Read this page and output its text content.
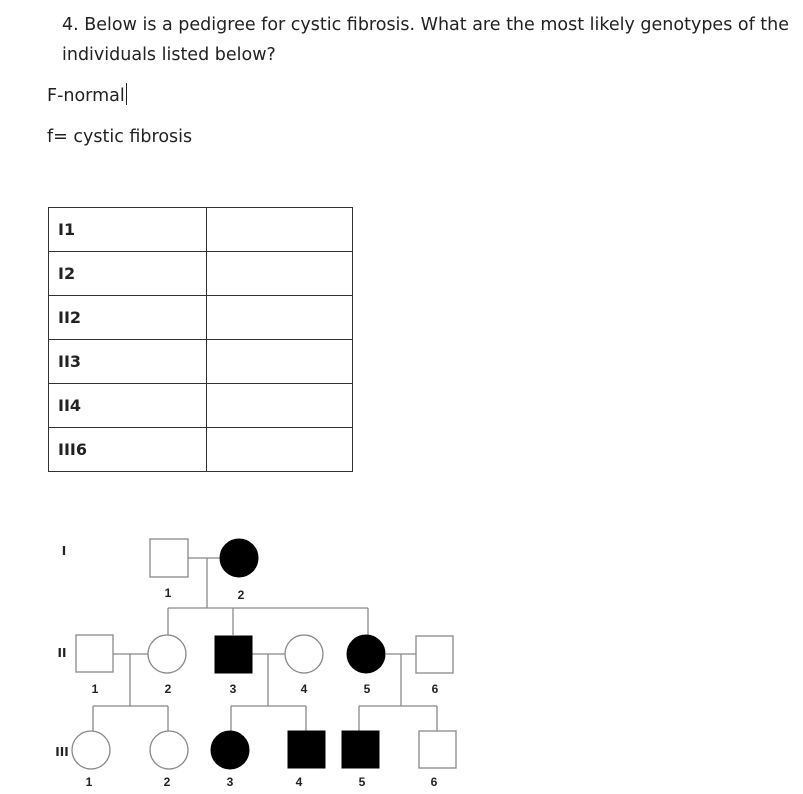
4. Below is a pedigree for cystic fibrosis. What are the most likely genotypes of the individuals listed below?

F-normal

f= cystic fibrosis

I1	
I2	
II2	
II3	
II4	
III6	
I
II
III
1	2
1	2	3	4	5	6
1	2	3	4	5	6
